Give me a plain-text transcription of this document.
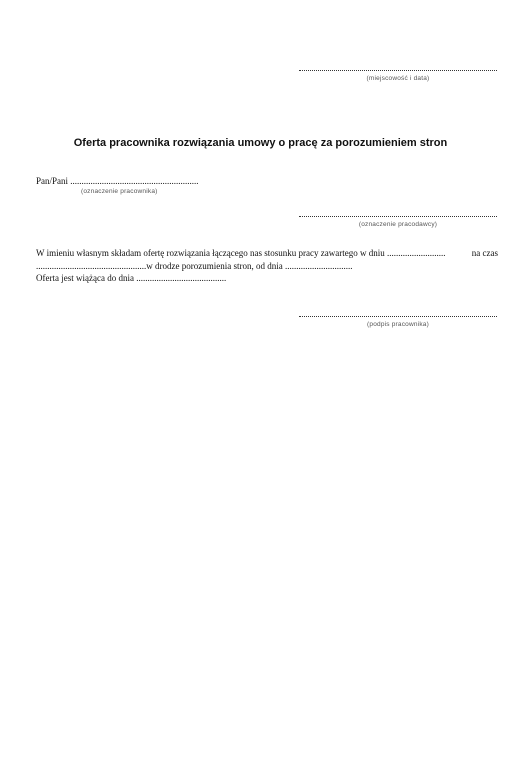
(miejscowość i data)
Oferta pracownika rozwiązania umowy o pracę za porozumieniem stron
Pan/Pani .........................................................
(oznaczenie pracownika)
(oznaczenie pracodawcy)

W imieniu własnym składam ofertę rozwiązania łączącego nas stosunku pracy zawartego w dniu ..........................	na czas

.................................................w drodze porozumienia stron, od dnia ..............................

Oferta jest wiążąca do dnia ........................................

(podpis pracownika)
